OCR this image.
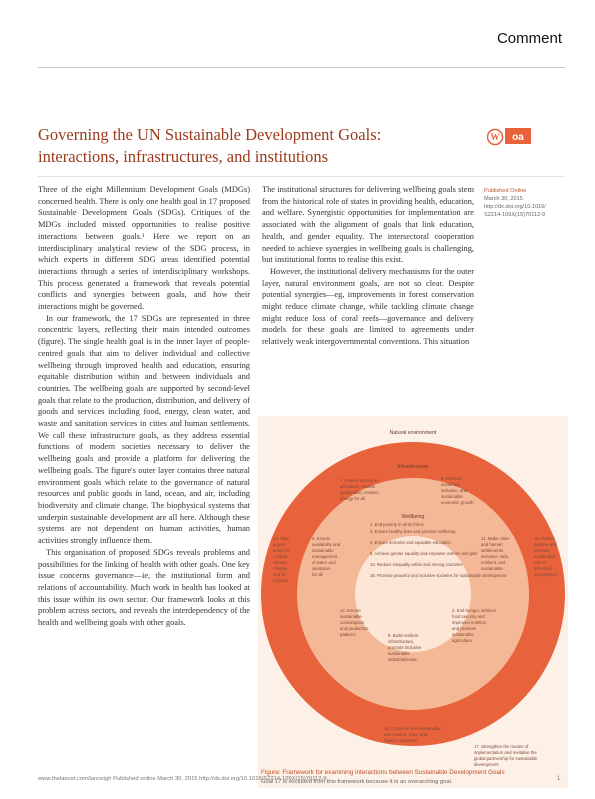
Comment
Governing the UN Sustainable Development Goals:
interactions, infrastructures, and institutions
W oa

Three of the eight Millennium Development Goals (MDGs) concerned health. There is only one health goal in 17 proposed Sustainable Development Goals (SDGs). Critiques of the MDGs included missed opportunities to realise positive interactions between goals.¹ Here we report on an interdisciplinary analytical review of the SDG process, in which experts in different SDG areas identified potential interactions through a series of interdisciplinary workshops. This process generated a framework that reveals potential conflicts and synergies between goals, and how their interactions might be governed.

In our framework, the 17 SDGs are represented in three concentric layers, reflecting their main intended outcomes (figure). The single health goal is in the inner layer of people-centred goals that aim to deliver individual and collective wellbeing through improved health and education, ensuring equitable distribution within and between individuals and countries. The wellbeing goals are supported by second-level goals that relate to the production, distribution, and delivery of goods and services including food, energy, clean water, and waste and sanitation services in cities and human settlements. We call these infrastructure goals, as they address essential functions of modern societies necessary to deliver the wellbeing goals and provide a platform for delivering the wellbeing goals. The figure's outer layer contains three natural environment goals which relate to the governance of natural resources and public goods in land, ocean, and air, including biodiversity and climate change. The biophysical systems that underpin sustainable development are all here. Although these systems are not dependent on human activities, human activities strongly influence them.

This organisation of proposed SDGs reveals problems and possibilities for the linking of health with other goals. One key issue concerns governance—ie, the institutional form and relations of accountability. Much work in health has looked at this issue within its own sector. Our framework looks at this problem across sectors, and reveals the interdependency of the health and wellbeing goals with other goals.

The institutional structures for delivering wellbeing goals stem from the historical role of states in providing health, education, and welfare. Synergistic opportunities for implementation are associated with the alignment of goals that link education, health, and gender equality. The intersectoral cooperation needed to achieve synergies in wellbeing goals is challenging, but institutional forms to realise this exist.

However, the institutional delivery mechanisms for the outer layer, natural environment goals, are not so clear. Despite potential synergies—eg, improvements in forest conservation might reduce climate change, while tackling climate change might reduce loss of coral reefs—governance and delivery models for these goals are limited to agreements under relatively weak intergovernmental conventions. This situation

Published Online
March 30, 2015
http://dx.doi.org/10.1016/
S2214-109X(15)70112-9
Natural environment
Infrastructure
Wellbeing
1. End poverty in all its forms
3. Ensure healthy lives and promote wellbeing
4. Ensure inclusive and equitable education
5. Achieve gender equality and empower women and girls
10. Reduce inequality within and among countries
16. Promote peaceful and inclusive societies for sustainable development
7. Ensure access to affordable, reliable sustainable, modern energy for all
8. Promote sustained, inclusive, and sustainable economic growth
6. Ensure availability and sustainable management of water and sanitation for all
11. Make cities and human settlements inclusive, safe, resilient, and sustainable
12. Ensure sustainable consumption and production patterns	9. Build resilient infrastructure, promote inclusive sustainable industrialisation
2. End hunger, achieve food security and improved nutrition, and promote sustainable agriculture
13. Take urgent action to combat climate change and its impacts
15. Protect, restore, and promote sustainable use of terrestrial ecosystems
14. Conserve and sustainably use oceans, seas, and marine resources
17. Strengthen the means of implementation and revitalise the global partnership for sustainable development
Figure: Framework for examining interactions between Sustainable Development Goals
Goal 17 is excluded from this framework because it is an overarching goal.
www.thelancet.com/lancetgh Published online March 30, 2015 http://dx.doi.org/10.1016/S2214-109X(15)70112-9	1
